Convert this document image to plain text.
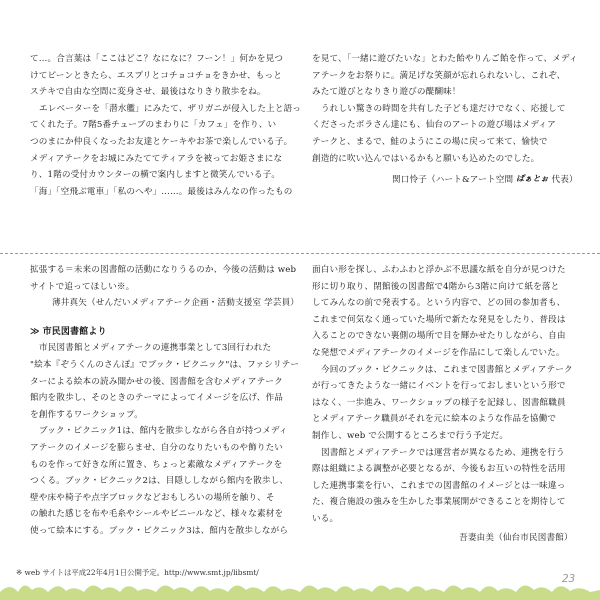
て…。合言葉は「ここはどこ？なになに？フーン！」何かを見つ

けてピーンときたら、エスプリとコチョコチョをきかせ、もっと

ステキで自由な空間に変身させ、最後はなりきり散歩をね。

エレベーターを「潜水艦」にみたて、ザリガニが侵入した上と語っ

てくれた子。7階5番チューブのまわりに「カフェ」を作り、い

つのまにか仲良くなったお友達とケーキやお茶で楽しんでいる子。

メディアテークをお城にみたててティアラを被ってお姫さまにな

り、1階の受付カウンターの横で案内しますと微笑んでいる子。

「海」「空飛ぶ電車」「私のへや」……。最後はみんなの作ったもの

を見て、「一緒に遊びたいな」とわた飴やりんご飴を作って、メディ

アテークをお祭りに。満足げな笑顔が忘れられないし、これぞ、

みたて遊びとなりきり遊びの醍醐味！

うれしい驚きの時間を共有した子ども達だけでなく、応援して

くださったボラさん達にも、仙台のアートの遊び場はメディア

テークと、まるで、鮭のようにこの場に戻って来て、愉快で

創造的に吹い込んではいるかもと願いも込めたのでした。

関口怜子（ハート&アート空間 ぱぁとぉ 代表）

拡張する＝未来の図書館の活動になりうるのか、今後の活動は web

サイトで追ってほしい※。

薄井真矢（せんだいメディアテーク企画・活動支援室 学芸員）

≫ 市民図書館より

市民図書館とメディアテークの連携事業として3回行われた

"絵本『ぞうくんのさんぽ』でブック・ピクニック"は、ファシリテー

ターによる絵本の読み聞かせの後、図書館を含むメディアテーク

館内を散歩し、そのときのテーマによってイメージを広げ、作品

を創作するワークショップ。

ブック・ピクニック1は、館内を散歩しながら各自が持つメディ

アテークのイメージを膨らませ、自分のなりたいものや飾りたい

ものを作って好きな所に置き、ちょっと素敵なメディアテークを

つくる。ブック・ピクニック2は、目隠ししながら館内を散歩し、

壁や床や椅子や点字ブロックなどおもしろいの場所を触り、そ

の触れた感じを布や毛糸やシールやビニールなど、様々な素材を

使って絵本にする。ブック・ピクニック3は、館内を散歩しながら

面白い形を探し、ふわふわと浮かぶ不思議な紙を自分が見つけた

形に切り取り、閉館後の図書館で4階から3階に向けて紙を落と

してみんなの前で発表する。という内容で、どの回の参加者も、

これまで何気なく通っていた場所で新たな発見をしたり、普段は

入ることのできない裏側の場所で目を輝かせたりしながら、自由

な発想でメディアテークのイメージを作品にして楽しんでいた。

今回のブック・ピクニックは、これまで図書館とメディアテーク

が行ってきたような一緒にイベントを行っておしまいという形で

はなく、一歩進み、ワークショップの様子を記録し、図書館職員

とメディアテーク職員がそれを元に絵本のような作品を協働で

制作し、web で公開するところまで行う予定だ。

図書館とメディアテークでは運営者が異なるため、連携を行う

際は組織による調整が必要となるが、今後もお互いの特性を活用

した連携事業を行い、これまでの図書館のイメージとは一味違っ

た、複合施設の強みを生かした事業展開ができることを期待して

いる。

吾妻由美（仙台市民図書館）

※ web サイトは平成22年4月1日公開予定。http://www.smt.jp/libsmt/	23
